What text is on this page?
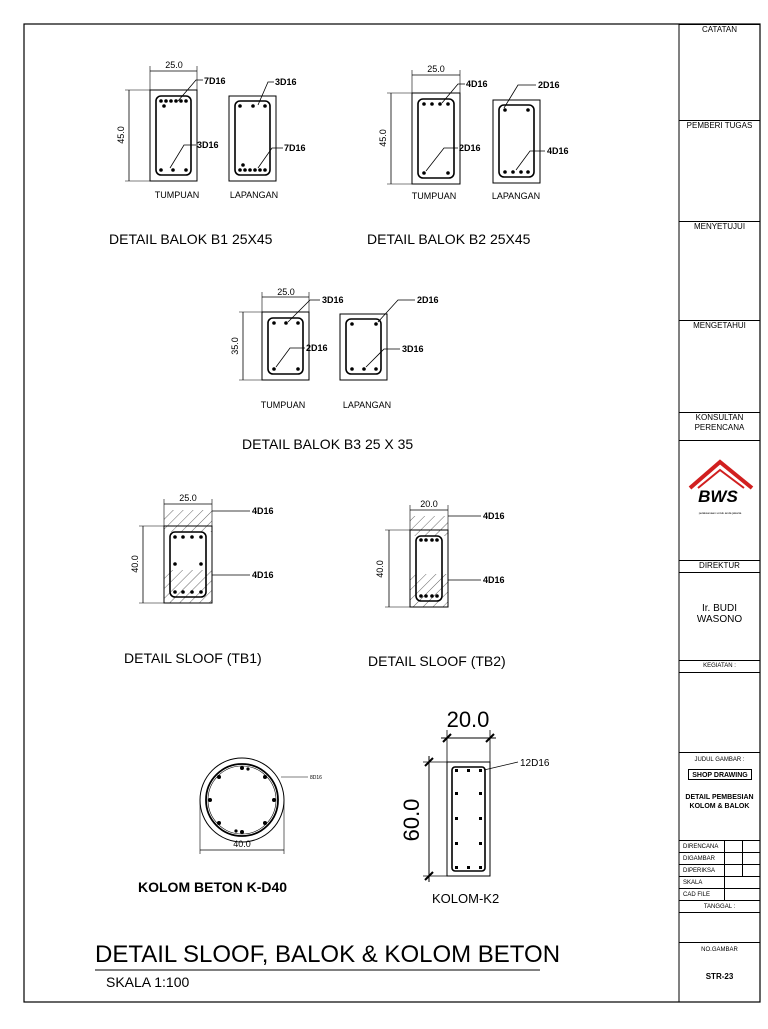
25.0
45.0
7D16
3D16
3D16
7D16
TUMPUAN	LAPANGAN
DETAIL BALOK B1 25X45
25.0
45.0
4D16
2D16
2D16
4D16
TUMPUAN	LAPANGAN
DETAIL BALOK B2 25X45
25.0
35.0
3D16
2D16
2D16
3D16
TUMPUAN	LAPANGAN
DETAIL BALOK B3 25 X 35
25.0
40.0
4D16
4D16
DETAIL SLOOF (TB1)
20.0
40.0
4D16
4D16
DETAIL SLOOF (TB2)
8D16
40.0
KOLOM BETON K-D40
20.0
60.0
12D16
KOLOM-K2
DETAIL SLOOF, BALOK & KOLOM BETON
SKALA 1:100
BWS
pelaksanaan untuk anda jakarta
CATATAN
PEMBERI TUGAS
MENYETUJUI
MENGETAHUI
KONSULTAN
PERENCANA
DIREKTUR
Ir. BUDI WASONO
KEGIATAN :
JUDUL GAMBAR :
SHOP DRAWING
DETAIL PEMBESIAN
KOLOM & BALOK
DIRENCANA
DIGAMBAR
DIPERIKSA
SKALA
CAD FILE
TANGGAL :
NO.GAMBAR
STR-23
